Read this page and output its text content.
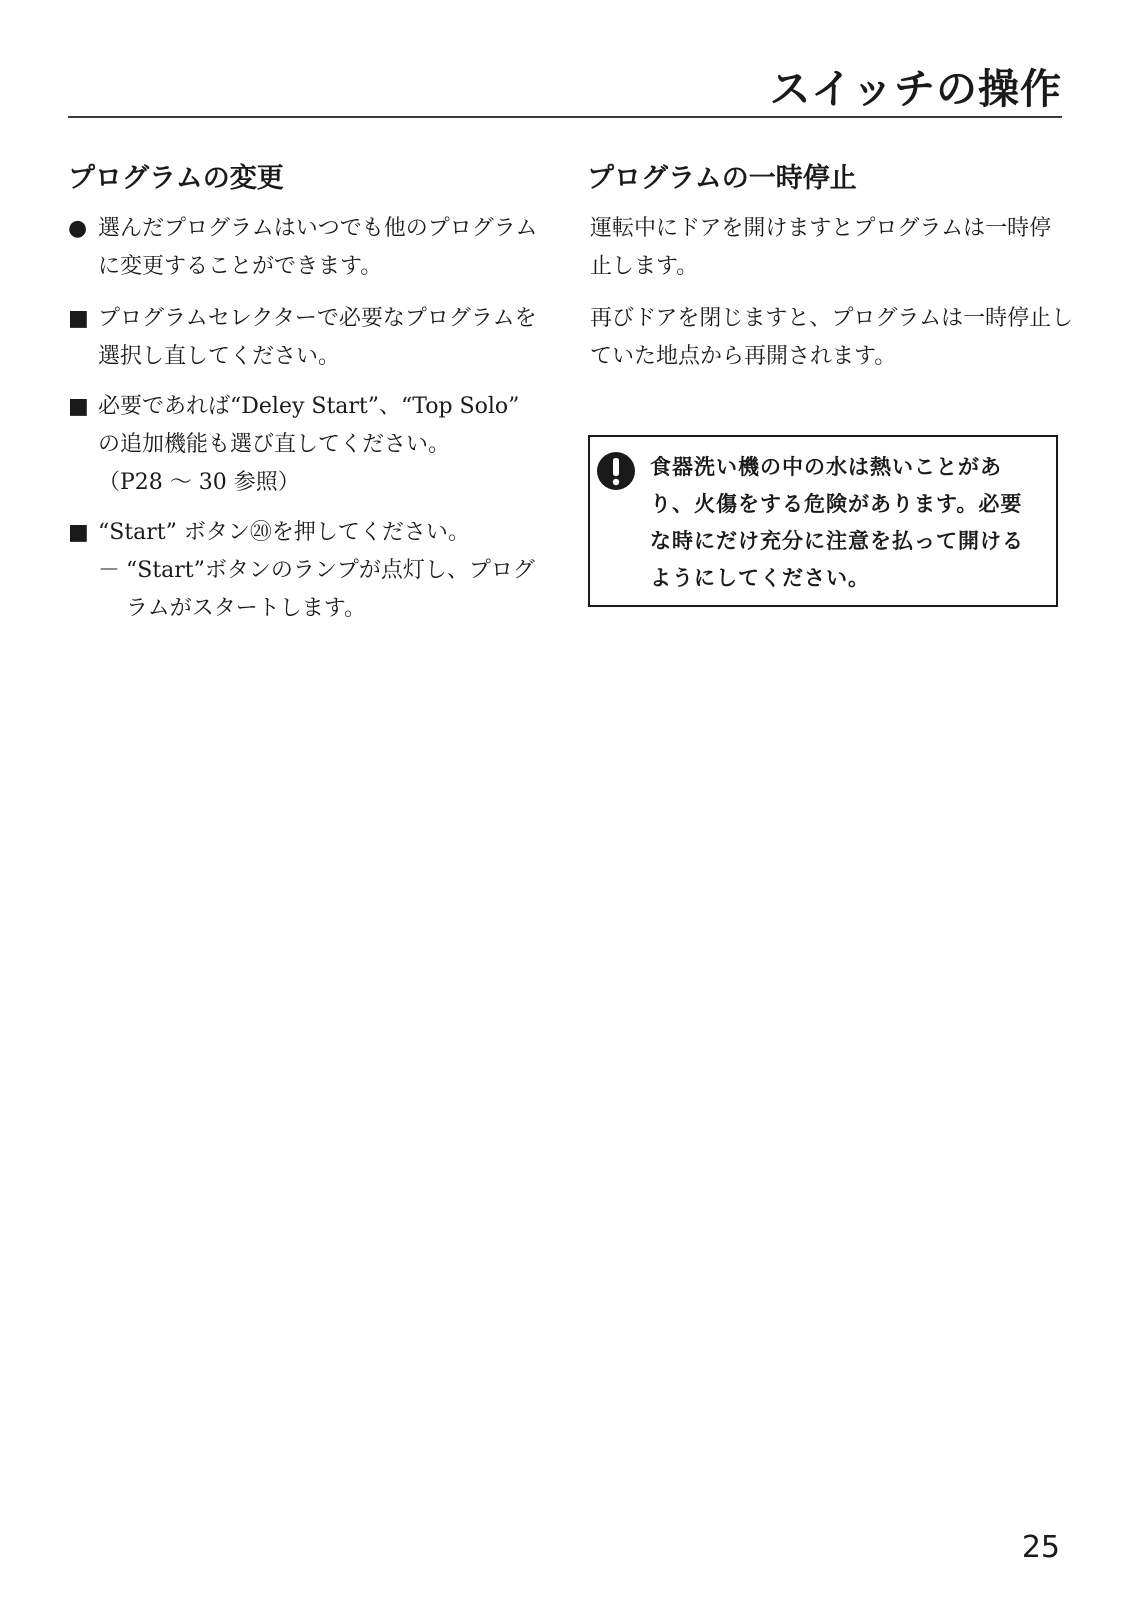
スイッチの操作
プログラムの変更
● 選んだプログラムはいつでも他のプログラム
に変更することができます。
■ プログラムセレクターで必要なプログラムを
選択し直してください。
■ 必要であれば“Deley Start”、“Top Solo”
の追加機能も選び直してください。
（P28 〜 30 参照）
■ “Start” ボタン⑳を押してください。
－ “Start”ボタンのランプが点灯し、プログ
ラムがスタートします。
プログラムの一時停止

運転中にドアを開けますとプログラムは一時停
止します。

再びドアを閉じますと、プログラムは一時停止し
ていた地点から再開されます。

食器洗い機の中の水は熱いことがあ
り、火傷をする危険があります。必要
な時にだけ充分に注意を払って開ける
ようにしてください。
25
